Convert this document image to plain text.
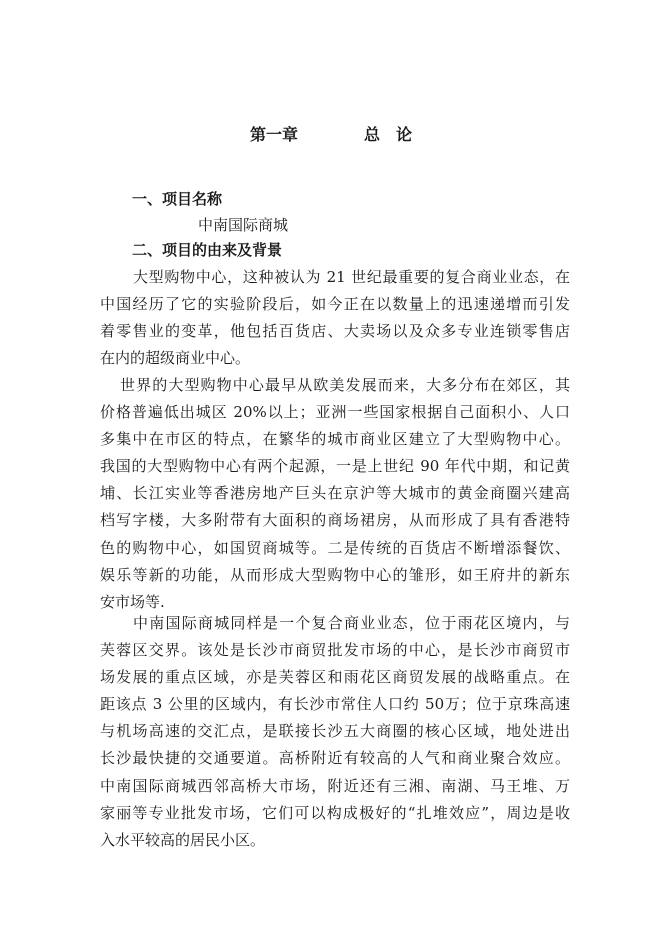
第一章	总 论
一、项目名称
中南国际商城
二、项目的由来及背景
大型购物中心，这种被认为 21 世纪最重要的复合商业业态，在
中国经历了它的实验阶段后，如今正在以数量上的迅速递增而引发
着零售业的变革，他包括百货店、大卖场以及众多专业连锁零售店
在内的超级商业中心。
世界的大型购物中心最早从欧美发展而来，大多分布在郊区，其
价格普遍低出城区 20%以上；亚洲一些国家根据自己面积小、人口
多集中在市区的特点，在繁华的城市商业区建立了大型购物中心。
我国的大型购物中心有两个起源，一是上世纪 90 年代中期，和记黄
埔、长江实业等香港房地产巨头在京沪等大城市的黄金商圈兴建高
档写字楼，大多附带有大面积的商场裙房，从而形成了具有香港特
色的购物中心，如国贸商城等。二是传统的百货店不断增添餐饮、
娱乐等新的功能，从而形成大型购物中心的雏形，如王府井的新东
安市场等.
中南国际商城同样是一个复合商业业态，位于雨花区境内，与
芙蓉区交界。该处是长沙市商贸批发市场的中心，是长沙市商贸市
场发展的重点区域，亦是芙蓉区和雨花区商贸发展的战略重点。在
距该点 3 公里的区域内，有长沙市常住人口约 50万；位于京珠高速
与机场高速的交汇点，是联接长沙五大商圈的核心区域，地处进出
长沙最快捷的交通要道。高桥附近有较高的人气和商业聚合效应。
中南国际商城西邻高桥大市场，附近还有三湘、南湖、马王堆、万
家丽等专业批发市场，它们可以构成极好的“扎堆效应”，周边是收
入水平较高的居民小区。
